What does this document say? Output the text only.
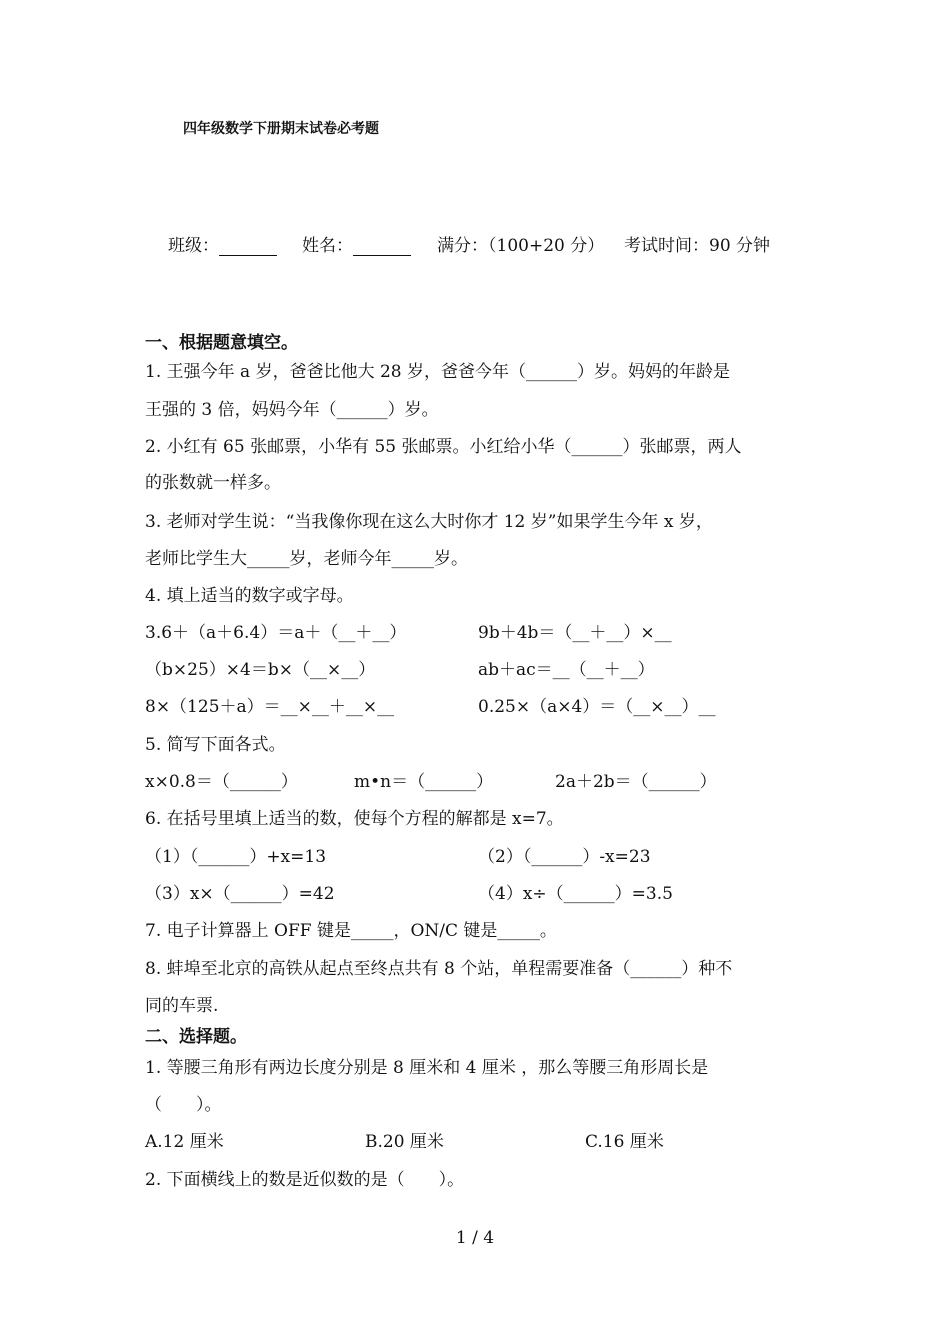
四年级数学下册期末试卷必考题
班级：	姓名：	满分：（100+20 分） 考试时间：90 分钟
一、根据题意填空。
1. 王强今年 a 岁，爸爸比他大 28 岁，爸爸今年（______）岁。妈妈的年龄是
王强的 3 倍，妈妈今年（______）岁。
2. 小红有 65 张邮票，小华有 55 张邮票。小红给小华（______）张邮票，两人
的张数就一样多。
3. 老师对学生说：“当我像你现在这么大时你才 12 岁”如果学生今年 x 岁，
老师比学生大_____岁，老师今年_____岁。
4. 填上适当的数字或字母。
3.6＋（a＋6.4）＝a＋（__＋__）	9b＋4b＝（__＋__）×__
（b×25）×4＝b×（__×__）	ab＋ac＝__（__＋__）
8×（125＋a）＝__×__＋__×__	0.25×（a×4）＝（__×__）__
5. 简写下面各式。
x×0.8＝（______）	m•n＝（______）	2a＋2b＝（______）
6. 在括号里填上适当的数，使每个方程的解都是 x=7。
（1）（______）+x=13	（2）（______）-x=23
（3）x×（______）=42	（4）x÷（______）=3.5
7. 电子计算器上 OFF 键是_____，ON/C 键是_____。
8. 蚌埠至北京的高铁从起点至终点共有 8 个站，单程需要准备（______）种不
同的车票.
二、选择题。
1. 等腰三角形有两边长度分别是 8 厘米和 4 厘米 ，那么等腰三角形周长是
（　　）。
A.12 厘米	B.20 厘米	C.16 厘米
2. 下面横线上的数是近似数的是（　　）。
1 / 4
